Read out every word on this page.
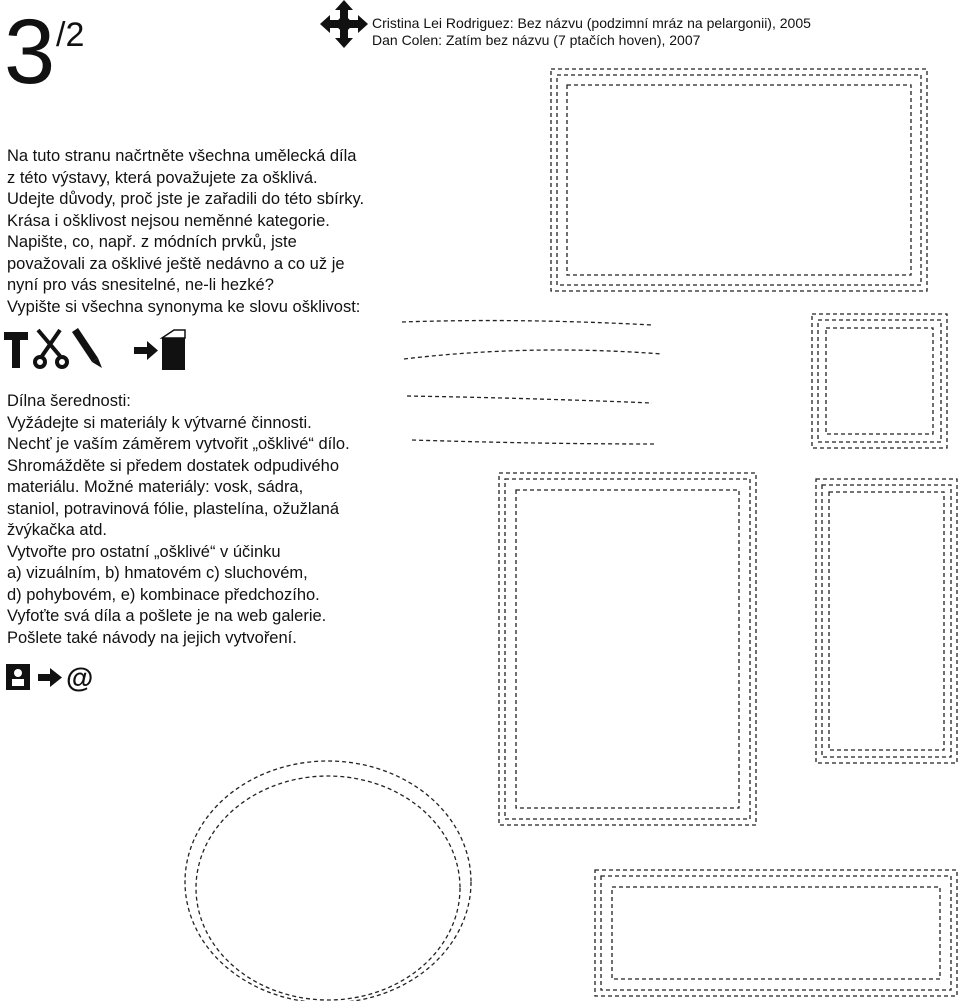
3 /2	Cristina Lei Rodriguez: Bez názvu (podzimní mráz na pelargonii), 2005
Dan Colen: Zatím bez názvu (7 ptačích hoven), 2007

Na tuto stranu načrtněte všechna umělecká díla

z této výstavy, která považujete za ošklivá.

Udejte důvody, proč jste je zařadili do této sbírky.

Krása i ošklivost nejsou neměnné kategorie.

Napište, co, např. z módních prvků, jste

považovali za ošklivé ještě nedávno a co už je

nyní pro vás snesitelné, ne-li hezké?

Vypište si všechna synonyma ke slovu ošklivost:

Dílna šerednosti:

Vyžádejte si materiály k výtvarné činnosti.

Nechť je vaším záměrem vytvořit „ošklivé“ dílo.

Shromážděte si předem dostatek odpudivého

materiálu. Možné materiály: vosk, sádra,

staniol, potravinová fólie, plastelína, ožužlaná

žvýkačka atd.

Vytvořte pro ostatní „ošklivé“ v účinku

a) vizuálním, b) hmatovém c) sluchovém,

d) pohybovém, e) kombinace předchozího.

Vyfoťte svá díla a pošlete je na web galerie.

Pošlete také návody na jejich vytvoření.

@
